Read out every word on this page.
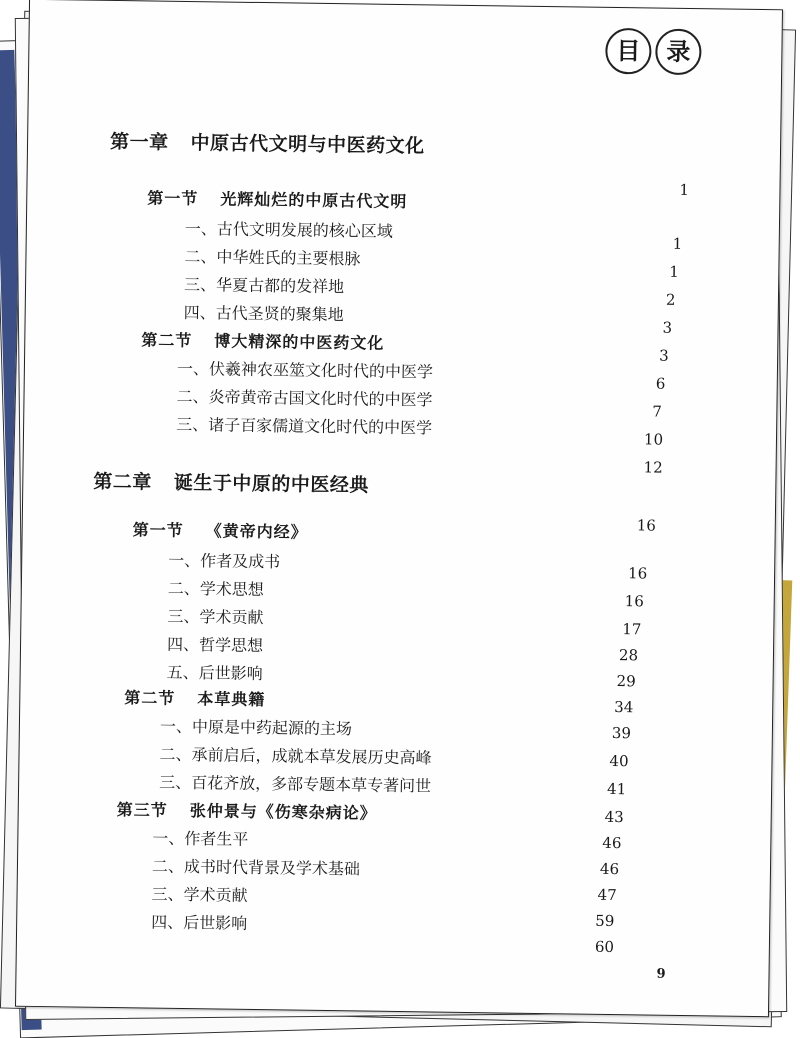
目	录
第一章 中原古代文明与中医药文化
第一节 光辉灿烂的中原古代文明
一、古代文明发展的核心区域
二、中华姓氏的主要根脉
三、华夏古都的发祥地
四、古代圣贤的聚集地
第二节 博大精深的中医药文化
一、伏羲神农巫筮文化时代的中医学
二、炎帝黄帝古国文化时代的中医学
三、诸子百家儒道文化时代的中医学
第二章 诞生于中原的中医经典
第一节 《黄帝内经》
一、作者及成书
二、学术思想
三、学术贡献
四、哲学思想
五、后世影响
第二节 本草典籍
一、中原是中药起源的主场
二、承前启后，成就本草发展历史高峰
三、百花齐放，多部专题本草专著问世
第三节 张仲景与《伤寒杂病论》
一、作者生平
二、成书时代背景及学术基础
三、学术贡献
四、后世影响
1
1
1
2
3
3
6
7
10
12
16
16
16
17
28
29
34
39
40
41
43
46
46
47
59
60
9
